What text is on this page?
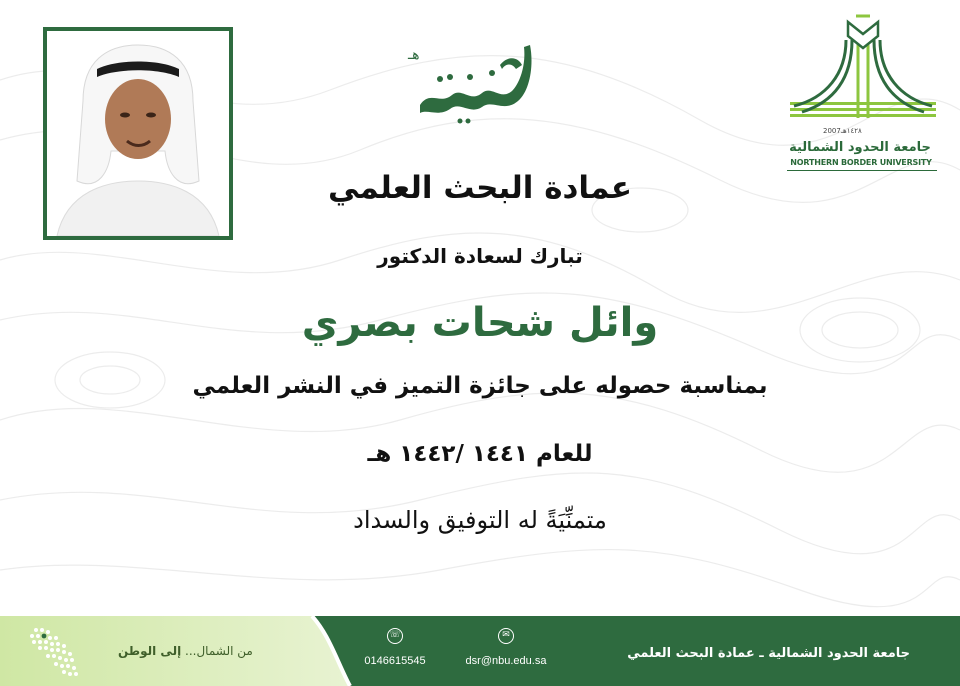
هـ
2007 ١٤٢٨هـ
جامعة الحدود الشمالية
NORTHERN BORDER UNIVERSITY
عمادة البحث العلمي
تبارك لسعادة الدكتور
وائل شحات بصري
بمناسبة حصوله على جائزة التميز في النشر العلمي
للعام ١٤٤١ /١٤٤٢ هـ
متمنِّيَةً له التوفيق والسداد
من الشمال... إلى الوطن
☏
0146615545
✉
dsr@nbu.edu.sa	جامعة الحدود الشمالية ـ عمادة البحث العلمي
